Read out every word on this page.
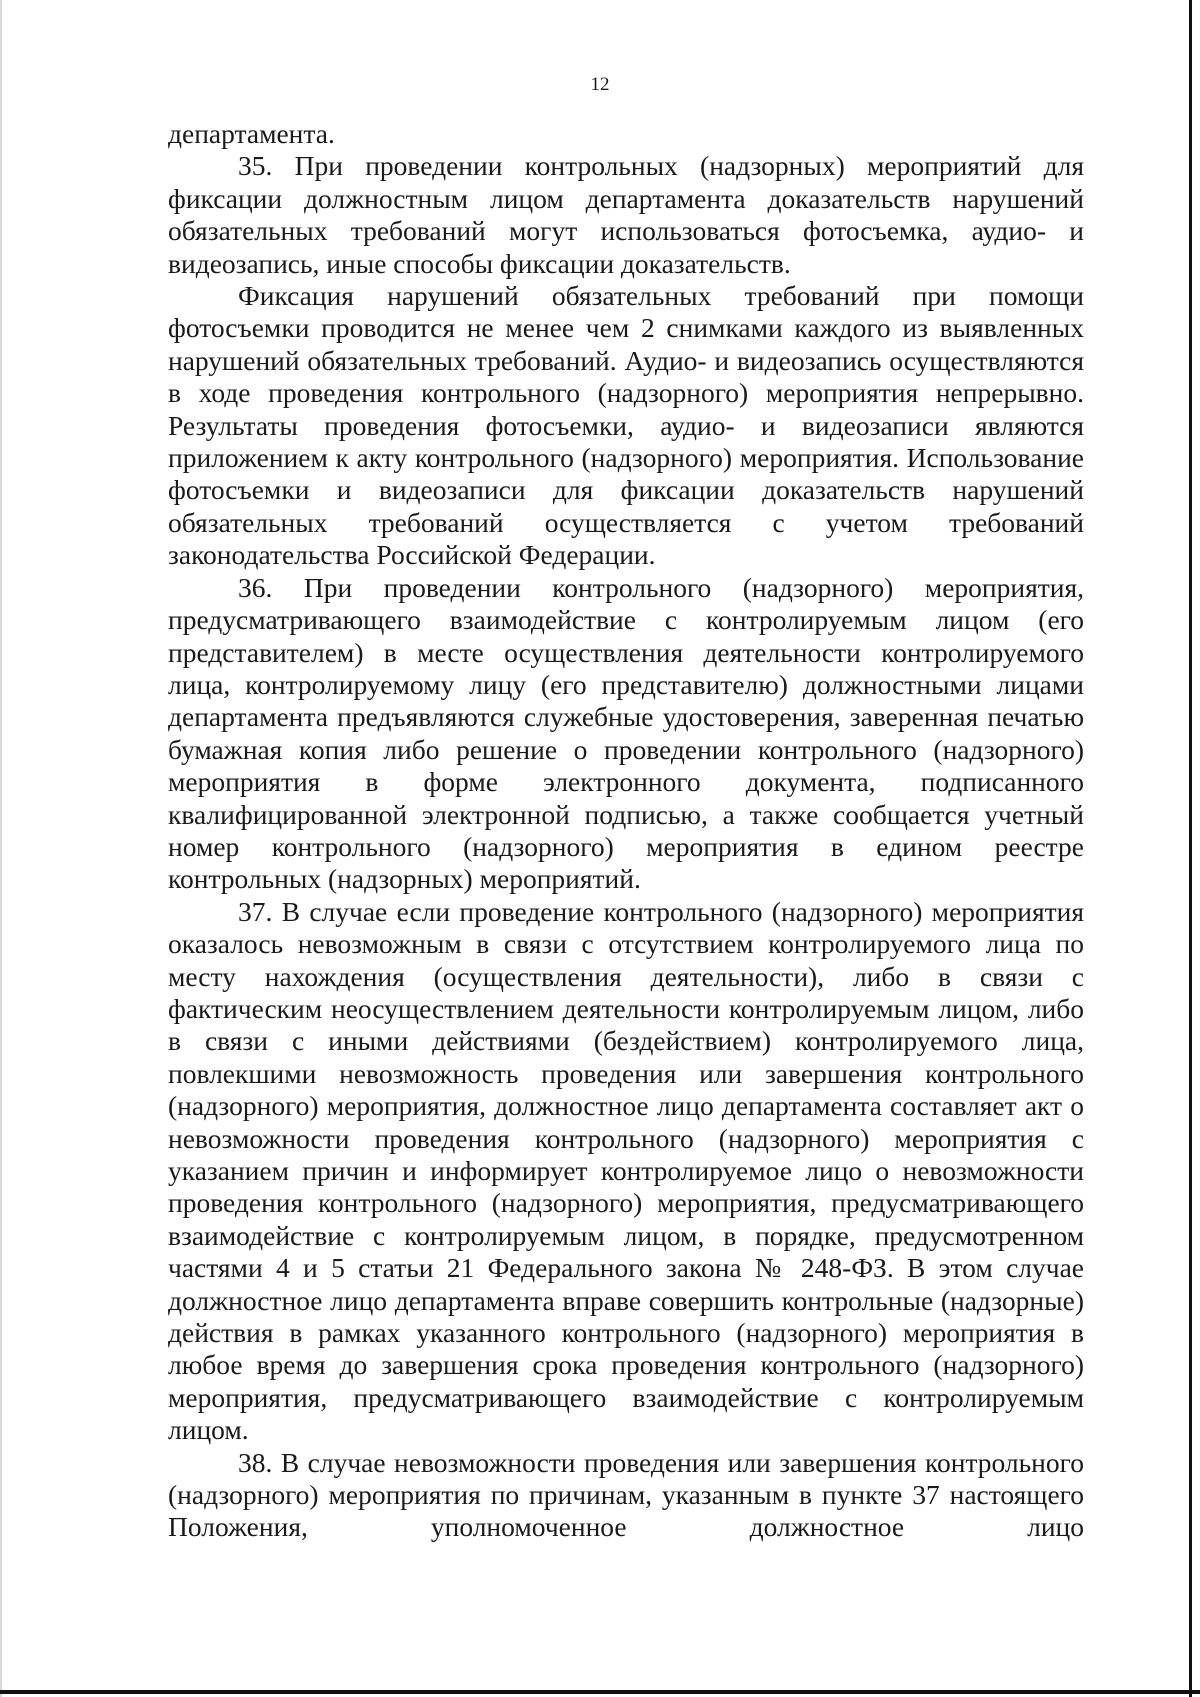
12

департамента.

35. При проведении контрольных (надзорных) мероприятий для фиксации должностным лицом департамента доказательств нарушений обязательных требований могут использоваться фотосъемка, аудио- и видеозапись, иные способы фиксации доказательств.

Фиксация нарушений обязательных требований при помощи фотосъемки проводится не менее чем 2 снимками каждого из выявленных нарушений обязательных требований. Аудио- и видеозапись осуществляются в ходе проведения контрольного (надзорного) мероприятия непрерывно. Результаты проведения фотосъемки, аудио- и видеозаписи являются приложением к акту контрольного (надзорного) мероприятия. Использование фотосъемки и видеозаписи для фиксации доказательств нарушений обязательных требований осуществляется с учетом требований законодательства Российской Федерации.

36. При проведении контрольного (надзорного) мероприятия, предусматривающего взаимодействие с контролируемым лицом (его представителем) в месте осуществления деятельности контролируемого лица, контролируемому лицу (его представителю) должностными лицами департамента предъявляются служебные удостоверения, заверенная печатью бумажная копия либо решение о проведении контрольного (надзорного) мероприятия в форме электронного документа, подписанного квалифицированной электронной подписью, а также сообщается учетный номер контрольного (надзорного) мероприятия в едином реестре контрольных (надзорных) мероприятий.

37. В случае если проведение контрольного (надзорного) мероприятия оказалось невозможным в связи с отсутствием контролируемого лица по месту нахождения (осуществления деятельности), либо в связи с фактическим неосуществлением деятельности контролируемым лицом, либо в связи с иными действиями (бездействием) контролируемого лица, повлекшими невозможность проведения или завершения контрольного (надзорного) мероприятия, должностное лицо департамента составляет акт о невозможности проведения контрольного (надзорного) мероприятия с указанием причин и информирует контролируемое лицо о невозможности проведения контрольного (надзорного) мероприятия, предусматривающего взаимодействие с контролируемым лицом, в порядке, предусмотренном частями 4 и 5 статьи 21 Федерального закона № 248-ФЗ. В этом случае должностное лицо департамента вправе совершить контрольные (надзорные) действия в рамках указанного контрольного (надзорного) мероприятия в любое время до завершения срока проведения контрольного (надзорного) мероприятия, предусматривающего взаимодействие с контролируемым лицом.

38. В случае невозможности проведения или завершения контрольного (надзорного) мероприятия по причинам, указанным в пункте 37 настоящего Положения, уполномоченное должностное лицо
